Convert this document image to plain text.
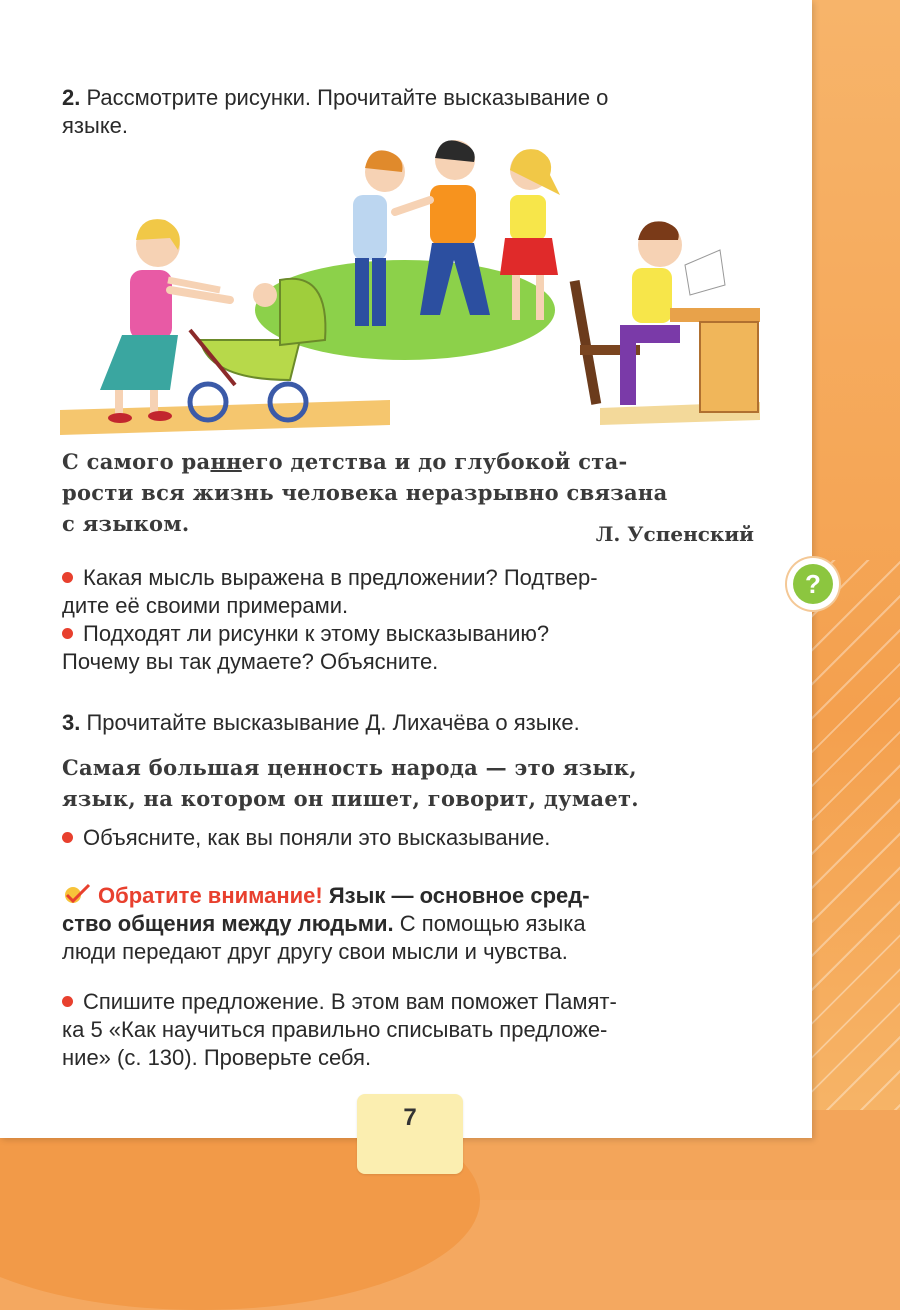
2. Рассмотрите рисунки. Прочитайте высказывание о
языке.
С самого раннего детства и до глубокой ста-
рости вся жизнь человека неразрывно связана
с языком.	Л. Успенский
Какая мысль выражена в предложении? Подтвер-
дите её своими примерами.
Подходят ли рисунки к этому высказыванию?
Почему вы так думаете? Объясните.
3. Прочитайте высказывание Д. Лихачёва о языке.
Самая большая ценность народа — это язык,
язык, на котором он пишет, говорит, думает.
Объясните, как вы поняли это высказывание.
Обратите внимание! Язык — основное сред-
ство общения между людьми. С помощью языка
люди передают друг другу свои мысли и чувства.
Спишите предложение. В этом вам поможет Памят-
ка 5 «Как научиться правильно списывать предложе-
ние» (с. 130). Проверьте себя.
?
7
